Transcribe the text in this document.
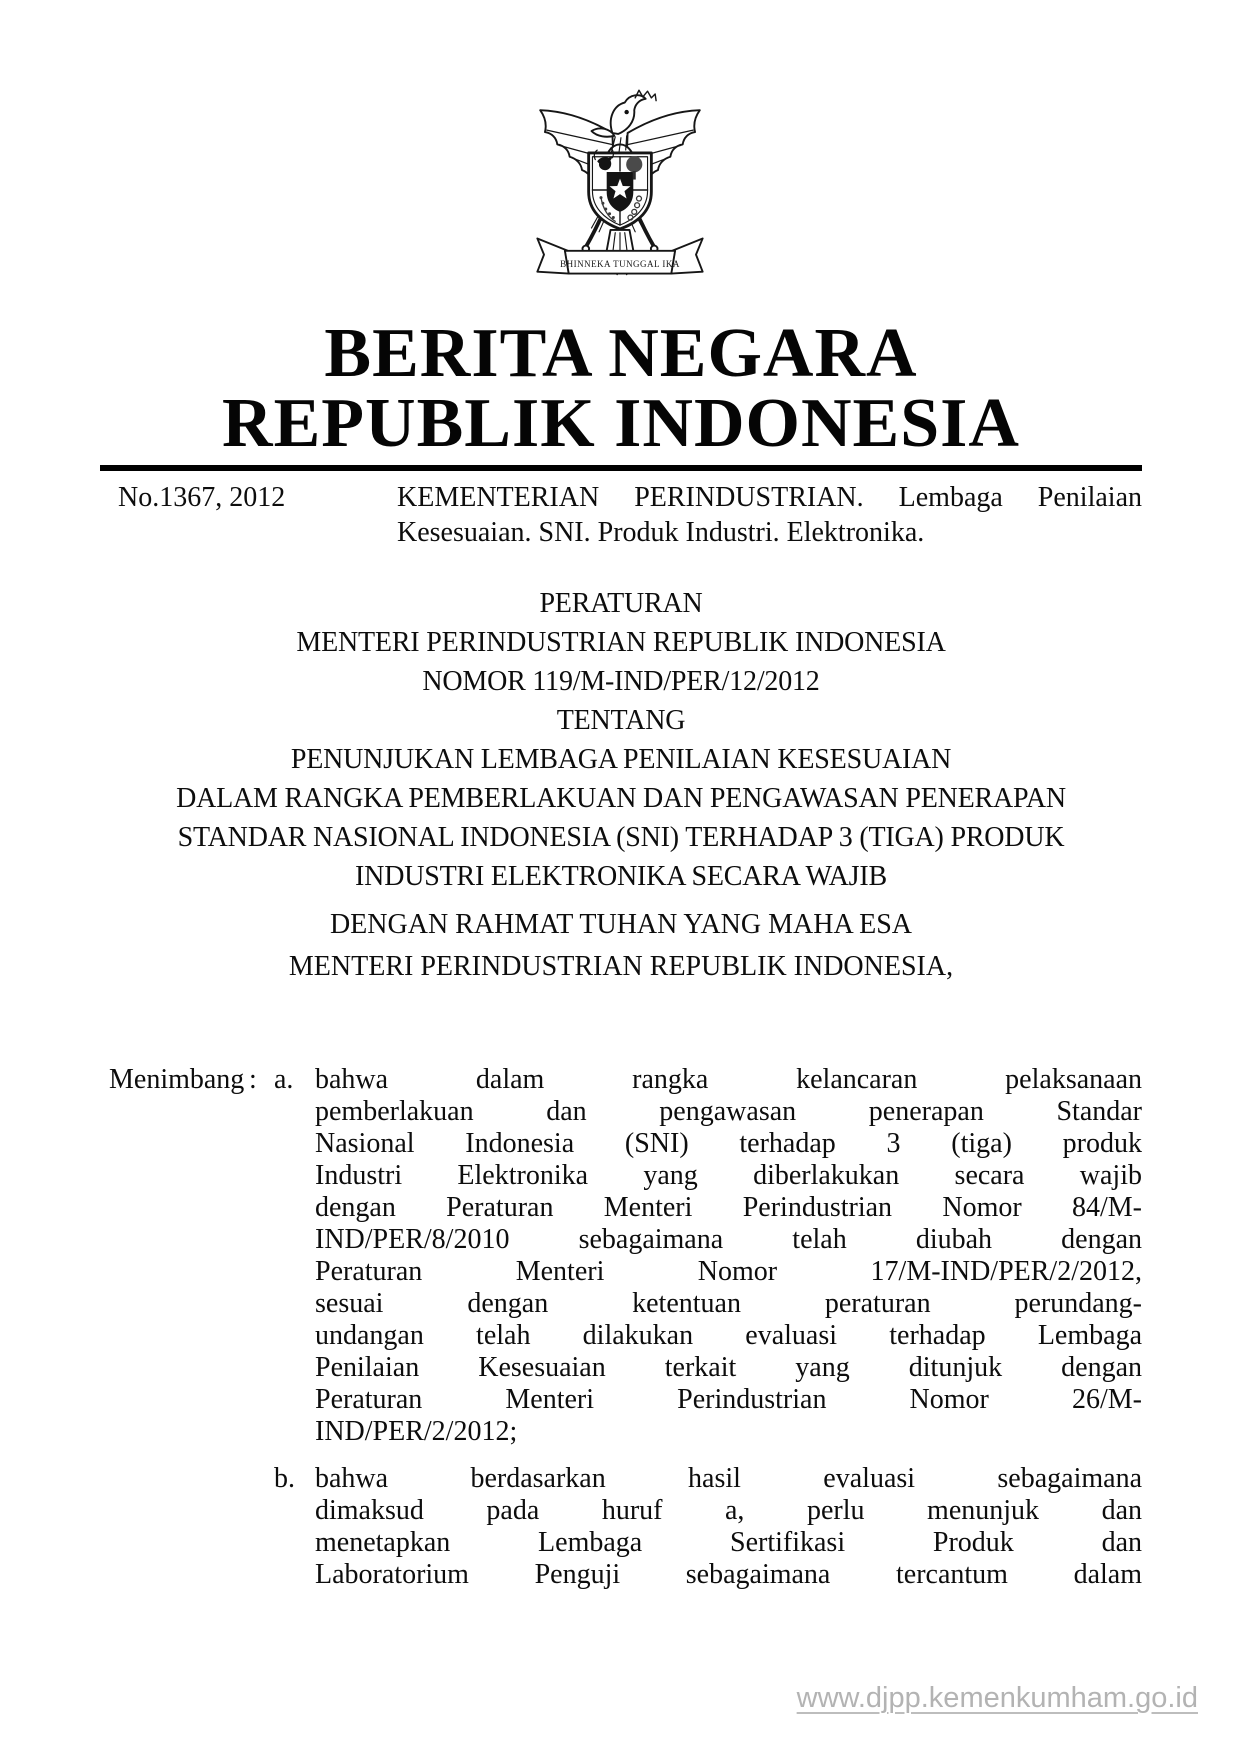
BHINNEKA TUNGGAL IKA
BERITA NEGARA
REPUBLIK INDONESIA
No.1367, 2012	KEMENTERIAN PERINDUSTRIAN. Lembaga Penilaian
Kesesuaian. SNI. Produk Industri. Elektronika.
PERATURAN
MENTERI PERINDUSTRIAN REPUBLIK INDONESIA
NOMOR 119/M-IND/PER/12/2012
TENTANG
PENUNJUKAN LEMBAGA PENILAIAN KESESUAIAN
DALAM RANGKA PEMBERLAKUAN DAN PENGAWASAN PENERAPAN
STANDAR NASIONAL INDONESIA (SNI) TERHADAP 3 (TIGA) PRODUK
INDUSTRI ELEKTRONIKA SECARA WAJIB
DENGAN RAHMAT TUHAN YANG MAHA ESA
MENTERI PERINDUSTRIAN REPUBLIK INDONESIA,
Menimbang : a. bahwa dalam rangka kelancaran pelaksanaan
pemberlakuan dan pengawasan penerapan Standar
Nasional Indonesia (SNI) terhadap 3 (tiga) produk
Industri Elektronika yang diberlakukan secara wajib
dengan Peraturan Menteri Perindustrian Nomor 84/M-
IND/PER/8/2010 sebagaimana telah diubah dengan
Peraturan Menteri Nomor 17/M-IND/PER/2/2012,
sesuai dengan ketentuan peraturan perundang-
undangan telah dilakukan evaluasi terhadap Lembaga
Penilaian Kesesuaian terkait yang ditunjuk dengan
Peraturan Menteri Perindustrian Nomor 26/M-
IND/PER/2/2012;
b. bahwa berdasarkan hasil evaluasi sebagaimana
dimaksud pada huruf a, perlu menunjuk dan
menetapkan Lembaga Sertifikasi Produk dan
Laboratorium Penguji sebagaimana tercantum dalam
www.djpp.kemenkumham.go.id
